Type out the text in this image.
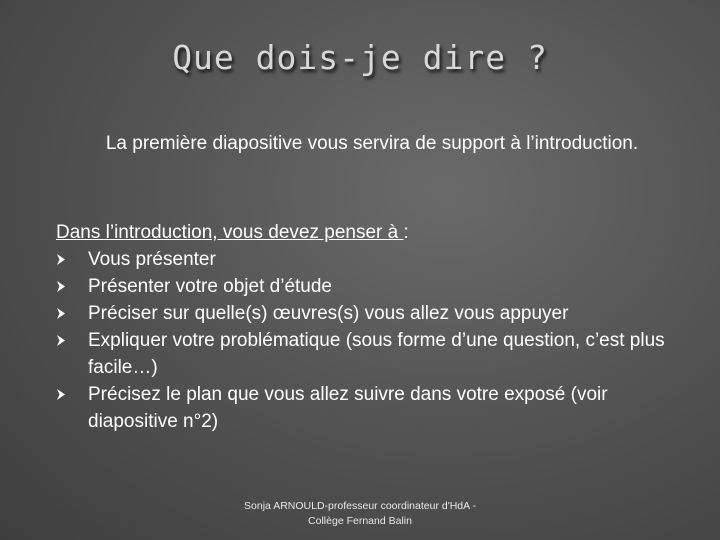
Que dois-je dire ?
La première diapositive vous servira de support à l’introduction.
Dans l’introduction, vous devez penser à :
Vous présenter
Présenter votre objet d’étude
Préciser sur quelle(s) œuvres(s) vous allez vous appuyer
Expliquer votre problématique (sous forme d’une question, c’est plus facile…)
Précisez le plan que vous allez suivre dans votre exposé (voir diapositive n°2)
Sonja ARNOULD-professeur coordinateur d'HdA -
Collège Fernand Balin
